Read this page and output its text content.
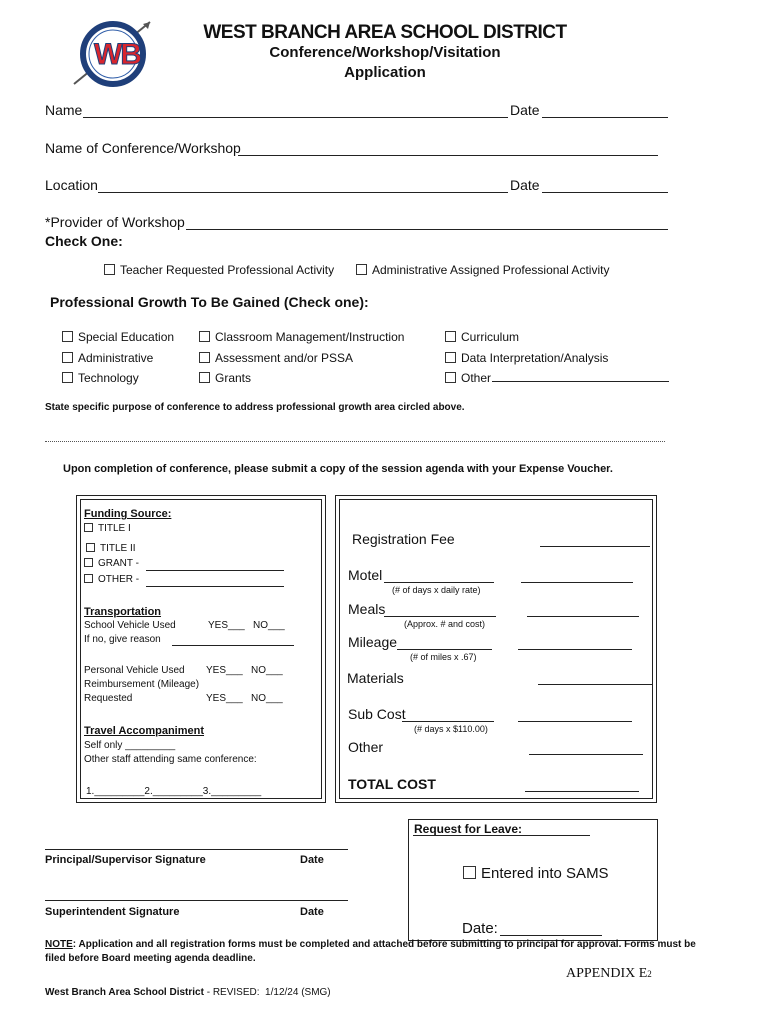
WB
WEST BRANCH AREA SCHOOL DISTRICT
Conference/Workshop/Visitation
Application
Name	Date
Name of Conference/Workshop
Location	Date
*Provider of Workshop
Check One:
Teacher Requested Professional Activity	Administrative Assigned Professional Activity
Professional Growth To Be Gained (Check one):
Special Education
Administrative
Technology
Classroom Management/Instruction
Assessment and/or PSSA
Grants
Curriculum
Data Interpretation/Analysis
Other
State specific purpose of conference to address professional growth area circled above.
Upon completion of conference, please submit a copy of the session agenda with your Expense Voucher.
Funding Source:
TITLE I
TITLE II
GRANT -
OTHER -
Transportation
School Vehicle Used	YES___   NO___
If no, give reason
Personal Vehicle Used YES___   NO___
Reimbursement (Mileage)
Requested	YES___   NO___
Travel Accompaniment
Self only _________
Other staff attending same conference:
1._________2._________3._________
Registration Fee
Motel
(# of days x daily rate)
Meals
(Approx. # and cost)
Mileage
(# of miles x .67)
Materials
Sub Cost
(# days x $110.00)
Other
TOTAL COST
Principal/Supervisor Signature	Date
Superintendent Signature	Date
Request for Leave:
Entered into SAMS
Date:
NOTE: Application and all registration forms must be completed and attached before submitting to principal for approval. Forms must be filed before Board meeting agenda deadline.
APPENDIX E2
West Branch Area School District - REVISED:  1/12/24 (SMG)
